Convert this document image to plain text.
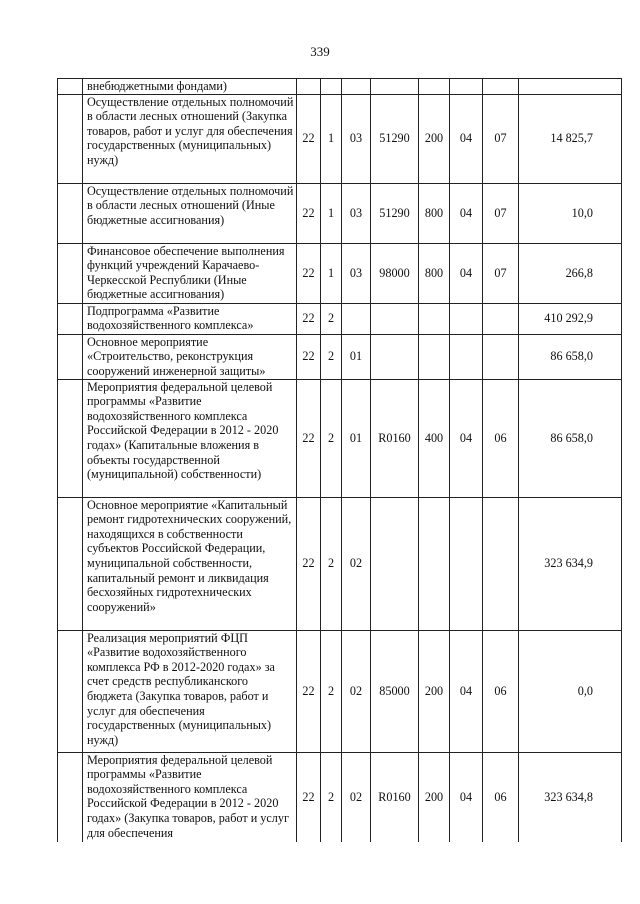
339
	внебюджетными фондами)								
	Осуществление отдельных полномочий в области лесных отношений (Закупка товаров, работ и услуг для обеспечения государственных (муниципальных) нужд)	22	1	03	51290	200	04	07	14 825,7
	Осуществление отдельных полномочий в области лесных отношений (Иные бюджетные ассигнования)	22	1	03	51290	800	04	07	10,0
	Финансовое обеспечение выполнения функций учреждений Карачаево-Черкесской Республики (Иные бюджетные ассигнования)	22	1	03	98000	800	04	07	266,8
	Подпрограмма «Развитие водохозяйственного комплекса»	22	2						410 292,9
	Основное мероприятие «Строительство, реконструкция сооружений инженерной защиты»	22	2	01					86 658,0
	Мероприятия федеральной целевой программы «Развитие водохозяйственного комплекса Российской Федерации в 2012 - 2020 годах» (Капитальные вложения в объекты государственной (муниципальной) собственности)	22	2	01	R0160	400	04	06	86 658,0
	Основное мероприятие «Капитальный ремонт гидротехнических сооружений, находящихся в собственности субъектов Российской Федерации, муниципальной собственности, капитальный ремонт и ликвидация бесхозяйных гидротехнических сооружений»	22	2	02					323 634,9
	Реализация мероприятий ФЦП «Развитие водохозяйственного комплекса РФ в 2012-2020 годах» за счет средств республиканского бюджета (Закупка товаров, работ и услуг для обеспечения государственных (муниципальных) нужд)	22	2	02	85000	200	04	06	0,0
	Мероприятия федеральной целевой программы «Развитие водохозяйственного комплекса Российской Федерации в 2012 - 2020 годах» (Закупка товаров, работ и услуг для обеспечения	22	2	02	R0160	200	04	06	323 634,8
